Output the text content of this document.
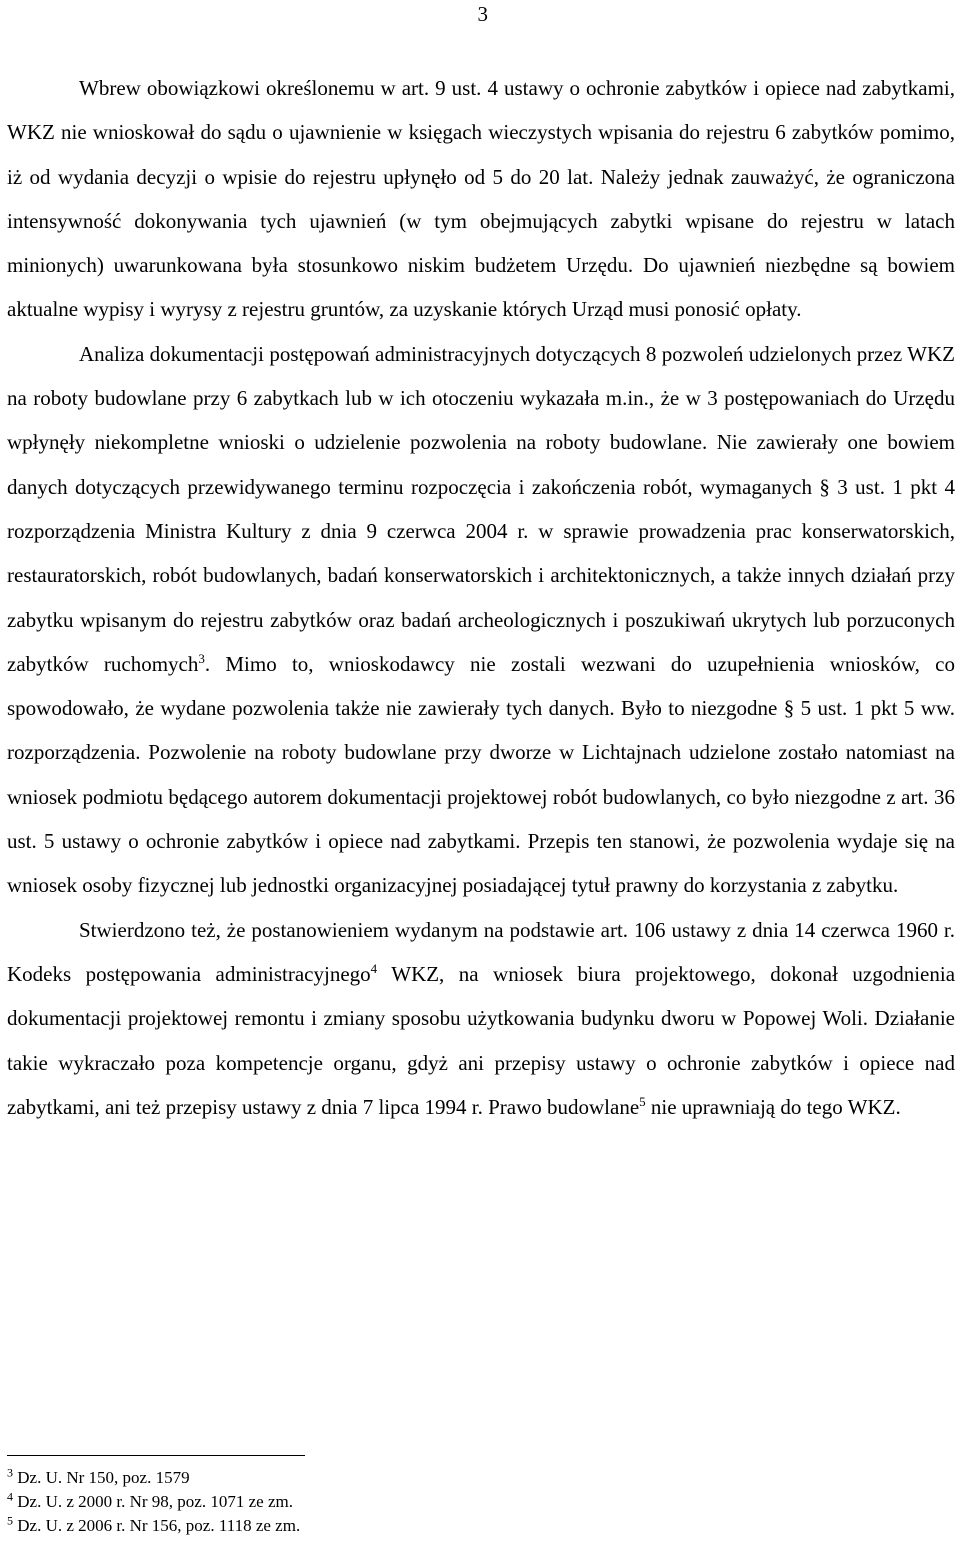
3

Wbrew obowiązkowi określonemu w art. 9 ust. 4 ustawy o ochronie zabytków i opiece nad zabytkami, WKZ nie wnioskował do sądu o ujawnienie w księgach wieczystych wpisania do rejestru 6 zabytków pomimo, iż od wydania decyzji o wpisie do rejestru upłynęło od 5 do 20 lat. Należy jednak zauważyć, że ograniczona intensywność dokonywania tych ujawnień (w tym obejmujących zabytki wpisane do rejestru w latach minionych) uwarunkowana była stosunkowo niskim budżetem Urzędu. Do ujawnień niezbędne są bowiem aktualne wypisy i wyrysy z rejestru gruntów, za uzyskanie których Urząd musi ponosić opłaty.

Analiza dokumentacji postępowań administracyjnych dotyczących 8 pozwoleń udzielonych przez WKZ na roboty budowlane przy 6 zabytkach lub w ich otoczeniu wykazała m.in., że w 3 postępowaniach do Urzędu wpłynęły niekompletne wnioski o udzielenie pozwolenia na roboty budowlane. Nie zawierały one bowiem danych dotyczących przewidywanego terminu rozpoczęcia i zakończenia robót, wymaganych § 3 ust. 1 pkt 4 rozporządzenia Ministra Kultury z dnia 9 czerwca 2004 r. w sprawie prowadzenia prac konserwatorskich, restauratorskich, robót budowlanych, badań konserwatorskich i architektonicznych, a także innych działań przy zabytku wpisanym do rejestru zabytków oraz badań archeologicznych i poszukiwań ukrytych lub porzuconych zabytków ruchomych$^3$. Mimo to, wnioskodawcy nie zostali wezwani do uzupełnienia wniosków, co spowodowało, że wydane pozwolenia także nie zawierały tych danych. Było to niezgodne § 5 ust. 1 pkt 5 ww. rozporządzenia. Pozwolenie na roboty budowlane przy dworze w Lichtajnach udzielone zostało natomiast na wniosek podmiotu będącego autorem dokumentacji projektowej robót budowlanych, co było niezgodne z art. 36 ust. 5 ustawy o ochronie zabytków i opiece nad zabytkami. Przepis ten stanowi, że pozwolenia wydaje się na wniosek osoby fizycznej lub jednostki organizacyjnej posiadającej tytuł prawny do korzystania z zabytku.

Stwierdzono też, że postanowieniem wydanym na podstawie art. 106 ustawy z dnia 14 czerwca 1960 r. Kodeks postępowania administracyjnego$^4$ WKZ, na wniosek biura projektowego, dokonał uzgodnienia dokumentacji projektowej remontu i zmiany sposobu użytkowania budynku dworu w Popowej Woli. Działanie takie wykraczało poza kompetencje organu, gdyż ani przepisy ustawy o ochronie zabytków i opiece nad zabytkami, ani też przepisy ustawy z dnia 7 lipca 1994 r. Prawo budowlane$^5$ nie uprawniają do tego WKZ.

$^3$ Dz. U. Nr 150, poz. 1579
$^4$ Dz. U. z 2000 r. Nr 98, poz. 1071 ze zm.
$^5$ Dz. U. z 2006 r. Nr 156, poz. 1118 ze zm.
